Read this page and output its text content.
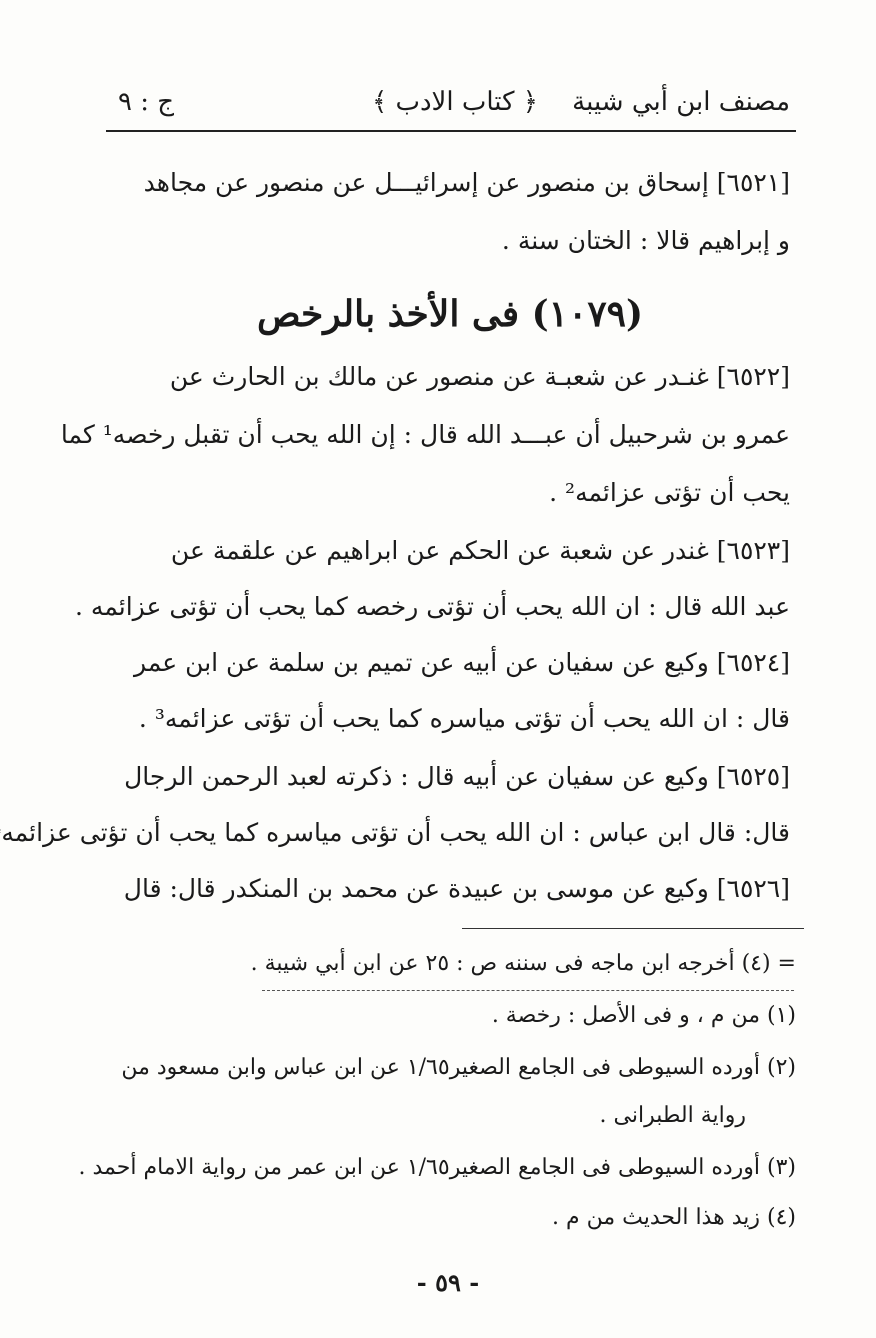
مصنف ابن أبي شيبة
﴿ كتاب الادب ﴾
ج : ٩
[٦٥٢١] إسحاق بن منصور عن إسرائيـــل عن منصور عن مجاهد
و إبراهيم قالا : الختان سنة .
(١٠٧٩) فى الأخذ بالرخص
[٦٥٢٢] غنـدر عن شعبـة عن منصور عن مالك بن الحارث عن
عمرو بن شرحبيل أن عبـــد الله قال : إن الله يحب أن تقبل رخصه¹ كما
يحب أن تؤتى عزائمه² .
[٦٥٢٣] غندر عن شعبة عن الحكم عن ابراهيم عن علقمة عن
عبد الله قال : ان الله يحب أن تؤتى رخصه كما يحب أن تؤتى عزائمه .
[٦٥٢٤] وكيع عن سفيان عن أبيه عن تميم بن سلمة عن ابن عمر
قال : ان الله يحب أن تؤتى مياسره كما يحب أن تؤتى عزائمه³ .
[٦٥٢٥] وكيع عن سفيان عن أبيه قال : ذكرته لعبد الرحمن الرجال
قال: قال ابن عباس : ان الله يحب أن تؤتى مياسره كما يحب أن تؤتى عزائمه
[٦٥٢٦] وكيع عن موسى بن عبيدة عن محمد بن المنكدر قال: قال
= (٤) أخرجه ابن ماجه فى سننه ص : ٢٥ عن ابن أبي شيبة .
(١) من م ، و فى الأصل : رخصة .
(٢) أورده السيوطى فى الجامع الصغير١/٦٥ عن ابن عباس وابن مسعود من
رواية الطبرانى .
(٣) أورده السيوطى فى الجامع الصغير١/٦٥ عن ابن عمر من رواية الامام أحمد .
(٤) زيد هذا الحديث من م .
- ٥٩ -
